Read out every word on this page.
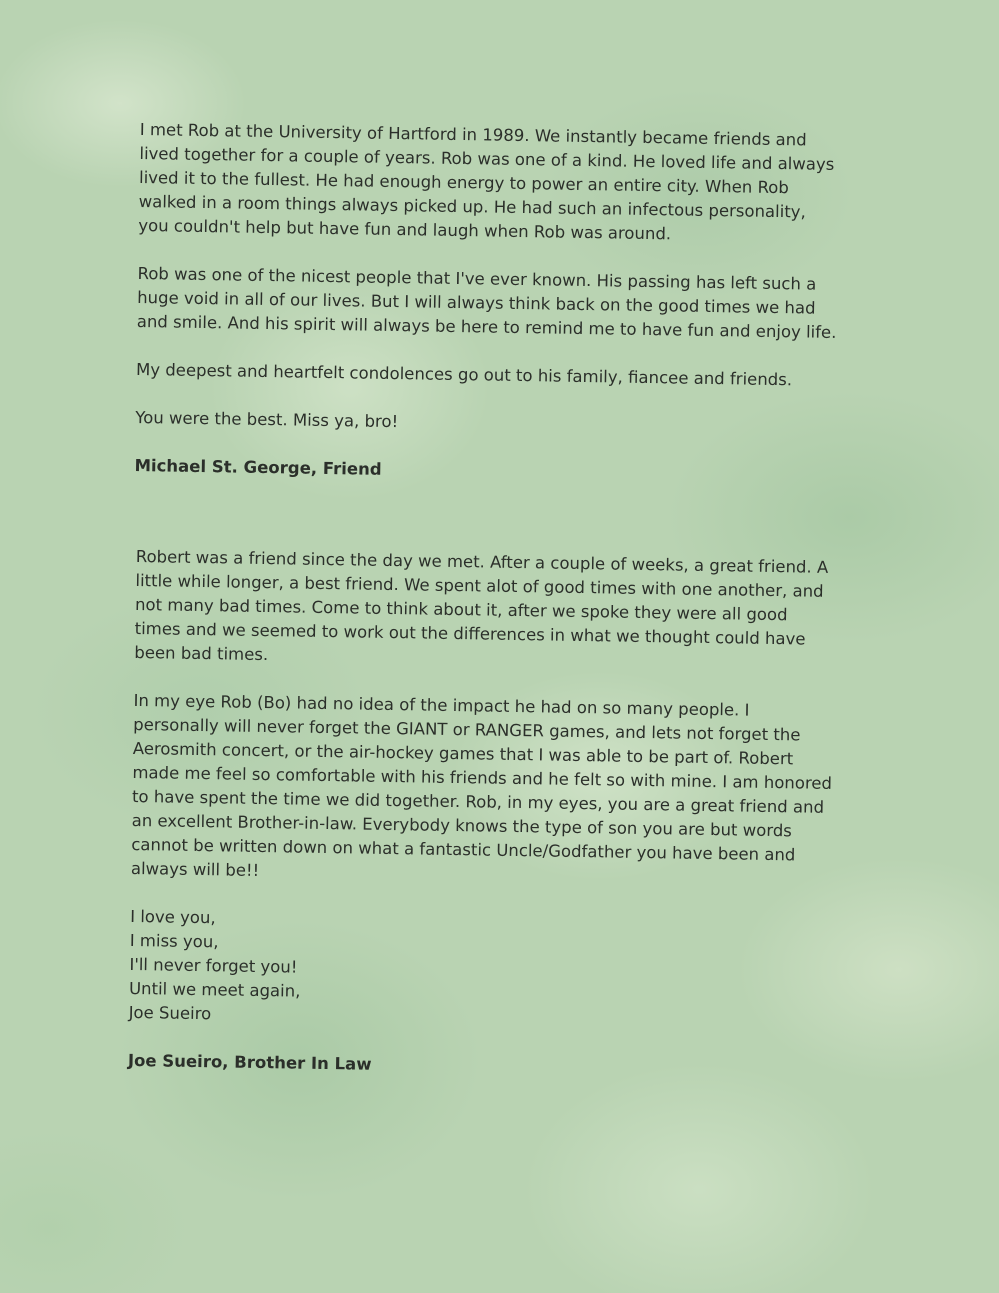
I met Rob at the University of Hartford in 1989. We instantly became friends and lived together for a couple of years. Rob was one of a kind. He loved life and always lived it to the fullest. He had enough energy to power an entire city. When Rob walked in a room things always picked up. He had such an infectous personality, you couldn't help but have fun and laugh when Rob was around.

Rob was one of the nicest people that I've ever known. His passing has left such a huge void in all of our lives. But I will always think back on the good times we had and smile. And his spirit will always be here to remind me to have fun and enjoy life.

My deepest and heartfelt condolences go out to his family, fiancee and friends.

You were the best. Miss ya, bro!

Michael St. George, Friend

Robert was a friend since the day we met. After a couple of weeks, a great friend. A little while longer, a best friend. We spent alot of good times with one another, and not many bad times. Come to think about it, after we spoke they were all good times and we seemed to work out the differences in what we thought could have been bad times.

In my eye Rob (Bo) had no idea of the impact he had on so many people. I personally will never forget the GIANT or RANGER games, and lets not forget the Aerosmith concert, or the air-hockey games that I was able to be part of. Robert made me feel so comfortable with his friends and he felt so with mine. I am honored to have spent the time we did together. Rob, in my eyes, you are a great friend and an excellent Brother-in-law. Everybody knows the type of son you are but words cannot be written down on what a fantastic Uncle/Godfather you have been and always will be!!

I love you,
I miss you,
I'll never forget you!
Until we meet again,
Joe Sueiro

Joe Sueiro, Brother In Law
